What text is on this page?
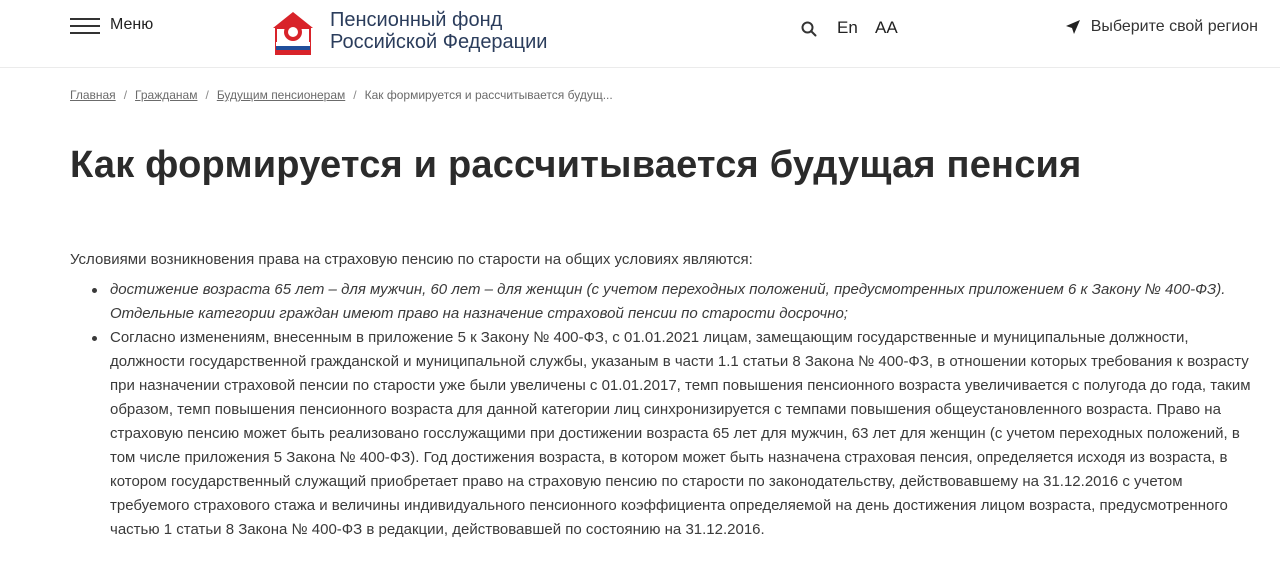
Меню	Пенсионный фонд
Российской Федерации
En AA	Выберите свой регион
Главная / Гражданам / Будущим пенсионерам / Как формируется и рассчитывается будущ...
Как формируется и рассчитывается будущая пенсия

Условиями возникновения права на страховую пенсию по старости на общих условиях являются:

достижение возраста 65 лет – для мужчин, 60 лет – для женщин (с учетом переходных положений, предусмотренных приложением 6 к Закону № 400-ФЗ). Отдельные категории граждан имеют право на назначение страховой пенсии по старости досрочно;
Согласно изменениям, внесенным в приложение 5 к Закону № 400-ФЗ, с 01.01.2021 лицам, замещающим государственные и муниципальные должности, должности государственной гражданской и муниципальной службы, указаным в части 1.1 статьи 8 Закона № 400-ФЗ, в отношении которых требования к возрасту при назначении страховой пенсии по старости уже были увеличены с 01.01.2017, темп повышения пенсионного возраста увеличивается с полугода до года, таким образом, темп повышения пенсионного возраста для данной категории лиц синхронизируется с темпами повышения общеустановленного возраста. Право на страховую пенсию может быть реализовано госслужащими при достижении возраста 65 лет для мужчин, 63 лет для женщин (с учетом переходных положений, в том числе приложения 5 Закона № 400-ФЗ). Год достижения возраста, в котором может быть назначена страховая пенсия, определяется исходя из возраста, в котором государственный служащий приобретает право на страховую пенсию по старости по законодательству, действовавшему на 31.12.2016 с учетом требуемого страхового стажа и величины индивидуального пенсионного коэффициента определяемой на день достижения лицом возраста, предусмотренного частью 1 статьи 8 Закона № 400-ФЗ в редакции, действовавшей по состоянию на 31.12.2016.
